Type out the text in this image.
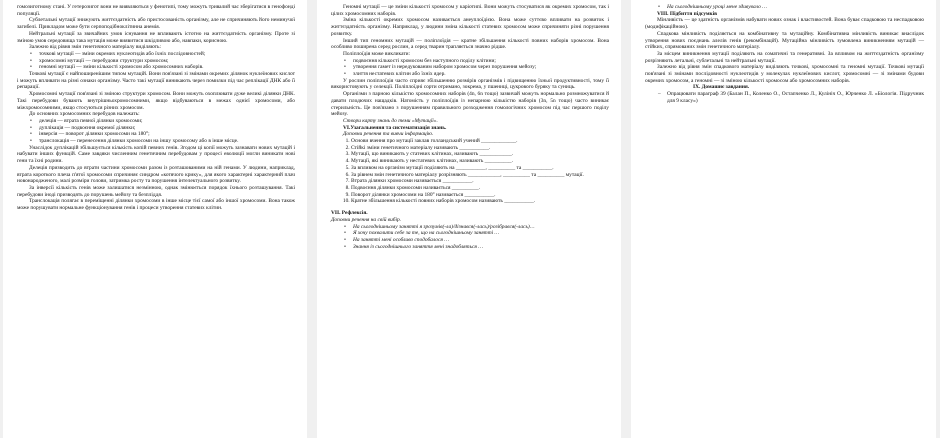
гомозиготному стані. У гетерозигот вони не виявляються у фенотипі, тому можуть тривалий час зберігатися в генофонді популяції.

Сублетальні мутації знижують життєздатність або пристосованість організму, але не спричиняють його неминучої загибелі. Прикладом може бути серпоподібноклітинна анемія.

Нейтральні мутації за звичайних умов існування не впливають істотно на життєздатність організму. Проте зі зміною умов середовища така мутація може виявитися шкідливою або, навпаки, корисною.

Залежно від рівня змін генетичного матеріалу виділяють:

• точкові мутації — зміни окремих нуклеотидів або їхніх послідовностей;
• хромосомні мутації — перебудови структури хромосом;
• геномні мутації — зміни кількості хромосом або хромосомних наборів.

Точкові мутації є найпоширенішим типом мутацій. Вони пов'язані зі змінами окремих ділянок нуклеїнових кислот і можуть впливати на різні ознаки організму. Часто такі мутації виникають через помилки під час реплікації ДНК або її репарації.

Хромосомні мутації пов'язані зі зміною структури хромосом. Вони можуть охоплювати дуже великі ділянки ДНК. Такі перебудови бувають внутрішньохромосомними, якщо відбуваються в межах однієї хромосоми, або міжхромосомними, якщо стосуються різних хромосом.

До основних хромосомних перебудов належать:

• делеція — втрата певної ділянки хромосоми;
• дуплікація — подвоєння окремої ділянки;
• інверсія — поворот ділянки хромосоми на 180°;
• транслокація — перенесення ділянки хромосоми на іншу хромосому або в інше місце.

Унаслідок дуплікацій збільшується кількість копій певних генів. Згодом ці копії можуть зазнавати нових мутацій і набувати інших функцій. Саме завдяки численним генетичним перебудовам у процесі еволюції могли виникати нові гени та їхні родини.

Делеція призводить до втрати частини хромосоми разом із розташованими на ній генами. У людини, наприклад, втрата короткого плеча п'ятої хромосоми спричиняє синдром «котячого крику», для якого характерні характерний плач новонародженого, малі розміри голови, затримка росту та порушення інтелектуального розвитку.

За інверсії кількість генів може залишатися незмінною, однак змінюється порядок їхнього розташування. Такі перебудови іноді призводять до порушень мейозу та безпліддя.

Транслокація полягає в переміщенні ділянки хромосоми в інше місце тієї самої або іншої хромосоми. Вона також може порушувати нормальне функціонування генів і процеси утворення статевих клітин.

Геномні мутації — це зміни кількості хромосом у каріотипі. Вони можуть стосуватися як окремих хромосом, так і цілих хромосомних наборів.

Зміна кількості окремих хромосом називається анеуплоїдією. Вона може суттєво впливати на розвиток і життєздатність організму. Наприклад, у людини зміна кількості статевих хромосом може спричиняти різні порушення розвитку.

Інший тип геномних мутацій — поліплоїдія — кратне збільшення кількості повних наборів хромосом. Вона особливо поширена серед рослин, а серед тварин трапляється значно рідше.

Поліплоїдія може викликати:

• подвоєння кількості хромосом без наступного поділу клітини;
• утворення гамет із нередукованим набором хромосом через порушення мейозу;
• злиття нестатевих клітин або їхніх ядер.

У рослин поліплоїдія часто сприяє збільшенню розмірів організмів і підвищенню їхньої продуктивності, тому її використовують у селекції. Поліплоїдні сорти отримано, зокрема, у пшениці, цукрового буряку та суниць.

Організми з парною кількістю хромосомних наборів (4n, 6n тощо) зазвичай можуть нормально розмножуватися й давати плодючих нащадків. Натомість у поліплоїдів із непарною кількістю наборів (3n, 5n тощо) часто виникає стерильність. Це пов'язано з порушенням правильного розходження гомологічних хромосом під час першого поділу мейозу.

Створи карту знань до теми «Мутації».

VI.Узагальнення та систематизація знань.

Доповни речення та вивчи інформацію.

1. Основи вчення про мутації заклав голландський учений _____________.
2. Стійкі зміни генетичного матеріалу називають ___________.
3. Мутації, що виникають у статевих клітинах, називають ____________.
4. Мутації, які виникають у нестатевих клітинах, називають __________.
5. За впливом на організм мутації поділяють на ___________, __________ та ___________.
6. За рівнем змін генетичного матеріалу розрізняють ____________, __________ та __________ мутації.
7. Втрата ділянки хромосоми називається ___________.
8. Подвоєння ділянки хромосоми називається __________.
9. Поворот ділянки хромосоми на 180° називається ___________.
10. Кратне збільшення кількості повних наборів хромосом називають ___________.

VII. Рефлексія.

Доповни речення на свій вибір.

• На сьогоднішньому занятті я зрозумів(-ла)/дізнався(-лась)/розібрався(-лась)…
• Я хочу похвалити себе за те, що на сьогоднішньому занятті …
• На занятті мені особливо сподобалося …
• Знання із сьогоднішнього заняття мені знадобляться …
• На сьогоднішньому уроці мене здивувало …

VIII. Підбиття підсумків

Мінливість — це здатність організмів набувати нових ознак і властивостей. Вона буває спадковою та неспадковою (модифікаційною).

Спадкова мінливість поділяється на комбінативну та мутаційну. Комбінативна мінливість виникає внаслідок утворення нових поєднань алелів генів (рекомбінацій). Мутаційна мінливість зумовлена виникненням мутацій — стійких, спрямованих змін генетичного матеріалу.

За місцем виникнення мутації поділяють на соматичні та генеративні. За впливом на життєздатність організму розрізняють летальні, сублетальні та нейтральні мутації.

Залежно від рівня змін спадкового матеріалу виділяють точкові, хромосомні та геномні мутації. Точкові мутації пов'язані зі змінами послідовності нуклеотидів у молекулах нуклеїнових кислот, хромосомні — зі змінами будови окремих хромосом, а геномні — зі зміною кількості хромосом або хромосомних наборів.

IX. Домашнє завдання.

– Опрацювати параграф 39 (Балан П., Коленко О., Остапченко Л., Кулініч О., Юрченко Л. «Біологія. Підручник для 9 класу»)
